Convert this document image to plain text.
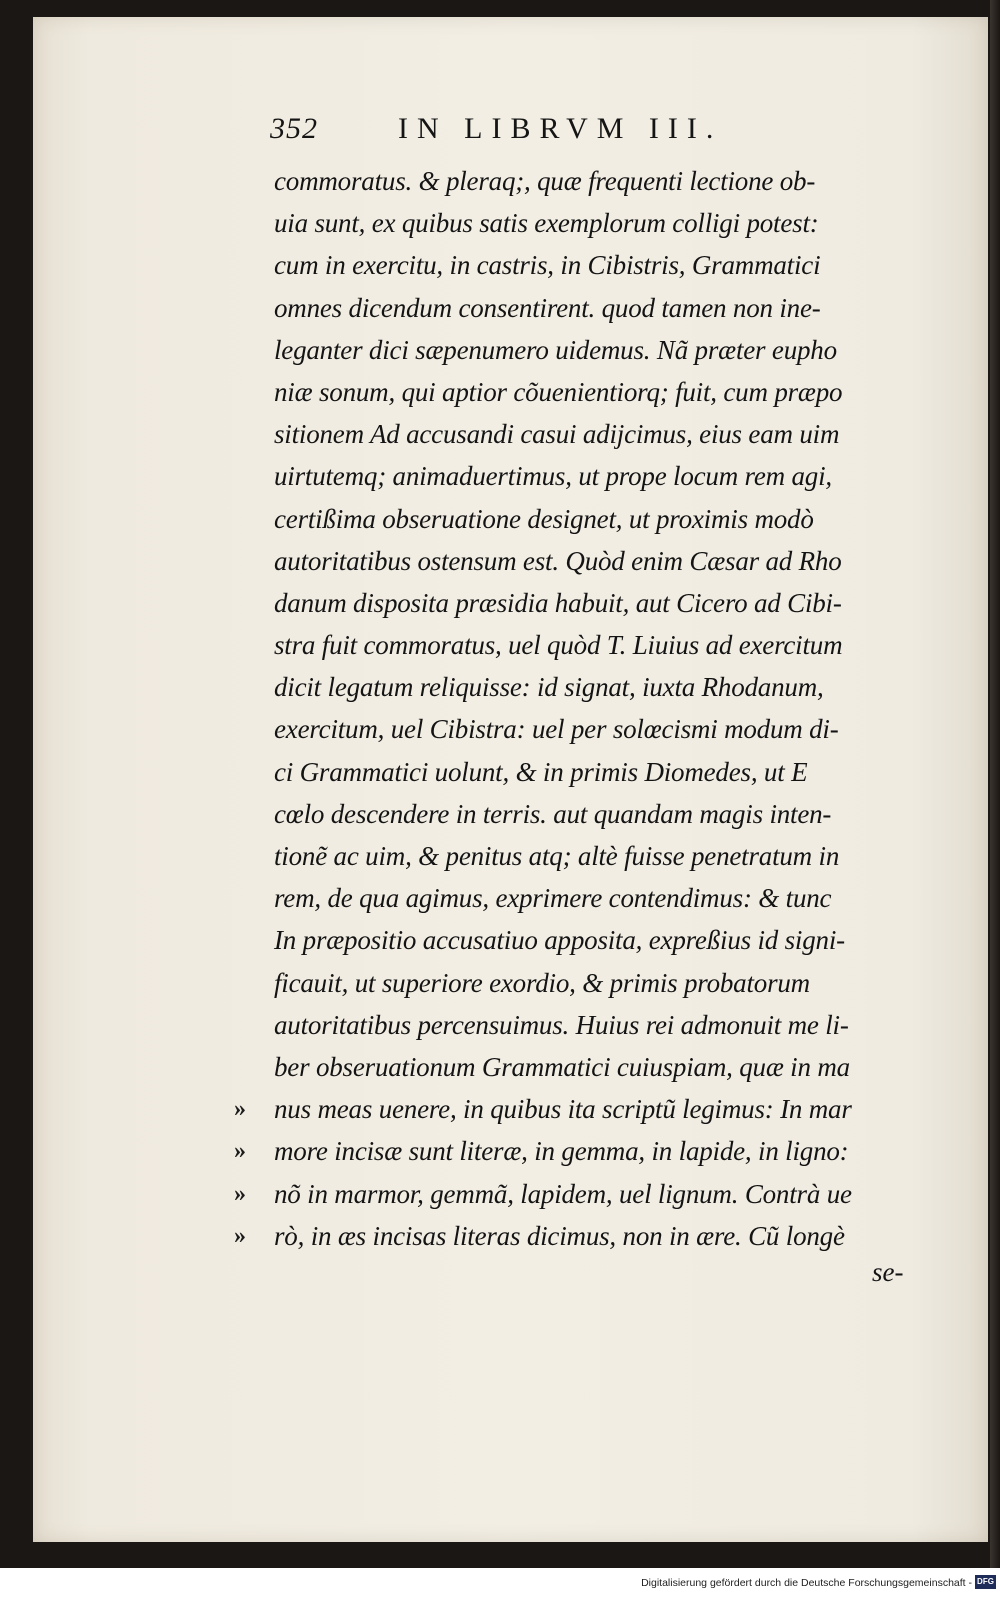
352	IN LIBRVM III.
commoratus. & pleraq;, quæ frequenti lectione ob-
uia sunt, ex quibus satis exemplorum colligi potest:
cum in exercitu, in castris, in Cibistris, Grammatici
omnes dicendum consentirent. quod tamen non ine-
leganter dici sæpenumero uidemus. Nã præter eupho
niæ sonum, qui aptior cõuenientiorq; fuit, cum præpo
sitionem Ad accusandi casui adijcimus, eius eam uim
uirtutemq; animaduertimus, ut prope locum rem agi,
certißima obseruatione designet, ut proximis modò
autoritatibus ostensum est. Quòd enim Cæsar ad Rho
danum disposita præsidia habuit, aut Cicero ad Cibi-
stra fuit commoratus, uel quòd T. Liuius ad exercitum
dicit legatum reliquisse: id signat, iuxta Rhodanum,
exercitum, uel Cibistra: uel per solœcismi modum di-
ci Grammatici uolunt, & in primis Diomedes, ut E
cœlo descendere in terris. aut quandam magis inten-
tionẽ ac uim, & penitus atq; altè fuisse penetratum in
rem, de qua agimus, exprimere contendimus: & tunc
In præpositio accusatiuo apposita, expreßius id signi-
ficauit, ut superiore exordio, & primis probatorum
autoritatibus percensuimus. Huius rei admonuit me li-
ber obseruationum Grammatici cuiuspiam, quæ in ma
» nus meas uenere, in quibus ita scriptũ legimus: In mar
» more incisæ sunt literæ, in gemma, in lapide, in ligno:
» nõ in marmor, gemmã, lapidem, uel lignum. Contrà ue
» rò, in æs incisas literas dicimus, non in ære. Cũ longè
se-
Digitalisierung gefördert durch die Deutsche Forschungsgemeinschaft - DFG
